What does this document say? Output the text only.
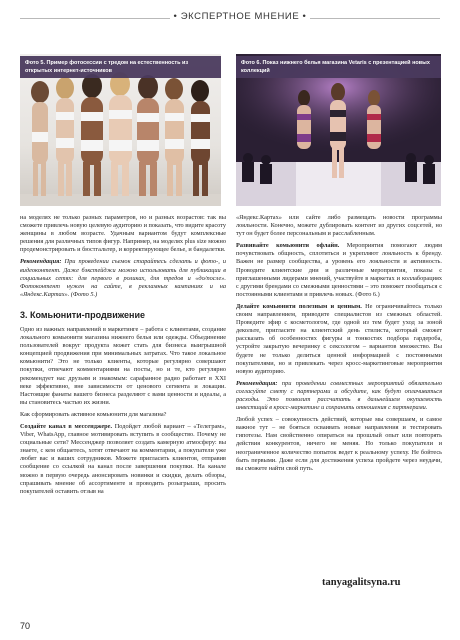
• ЭКСПЕРТНОЕ МНЕНИЕ •
Фото 5. Пример фотосессии с тредом на естественность из открытых интернет-источников
Фото 6. Показ нижнего белья магазина Vetaris с презентацией новых коллекций

на моделях не только разных параметров, но и разных возрастов: так вы сможете привлечь новую целевую аудиторию и показать, что видите красоту женщины в любом возрасте. Удачным вариантом будут комплексные решения для различных типов фигур. Например, на моделях plus size можно продемонстрировать и бюстгальтер, и корректирующее белье, и бандалетки.

Рекомендация: При проведении съемок старайтесь сделать и фото-, и видеоконтент. Даже бэкстейджи можно использовать для публикации в социальных сетях: для первого в роликах, для тредов и «до/после». Фотоконтент нужен на сайте, в рекламных кампаниях и на «Яндекс.Картах». (Фото 5.)

3. Комьюнити-продвижение

Одно из важных направлений в маркетинге – работа с клиентами, создание локального комьюнити магазина нижнего белья или одежды. Объединение пользователей вокруг продукта может стать для бизнеса выигрышной концепцией продвижения при минимальных затратах. Что такое локальное комьюнити? Это не только клиенты, которые регулярно совершают покупки, отвечают комментариями на посты, но и те, кто регулярно рекомендует нас друзьям и знакомым: сарафанное радио работает в XXI веке эффективно, вне зависимости от ценового сегмента и локации. Настоящие фанаты вашего бизнеса разделяют с вами ценности и идеалы, а вы становитесь частью их жизни.

Как сформировать активное комьюнити для магазина?

Создайте канал в мессенджере. Подойдет любой вариант – «Телеграм», Viber, WhatsApp, главное мотивировать вступить в сообщество. Почему не социальные сети? Мессенджер позволяет создать камерную атмосферу: вы знаете, с кем общаетесь, хотят отвечают на комментарии, а покупатели уже любят вас и ваших сотрудников. Можете пригласить клиентов, отправив сообщение со ссылкой на канал после завершения покупки. На канале можно в первую очередь анонсировать новинки и скидки, делать обзоры, спрашивать мнение об ассортименте и проводить розыгрыши, просить покупателей оставить отзыв на

«Яндекс.Картах» или сайте либо размещать новости программы лояльности. Конечно, можете дублировать контент из других соцсетей, но тут он будет более персональным и расслабленным.

Развивайте комьюнити офлайн. Мероприятия помогают людям почувствовать общность, сплотиться и укрепляют лояльность к бренду. Важен не размер сообщества, а уровень его лояльности и активность. Проводите клиентские дни и различные мероприятия, показы с приглашенными лидерами мнений, участвуйте в маркетах и коллаборациях с другими брендами со смежными ценностями – это поможет пообщаться с постоянными клиентами и привлечь новых. (Фото 6.)

Делайте комьюнити полезным и ценным. Не ограничивайтесь только своим направлением, приводите специалистов из смежных областей. Проведите эфир с косметологом, где одной из тем будет уход за зоной декольте, пригласите на клиентский день стилиста, который сможет рассказать об особенностях фигуры и тонкостях подбора гардероба, устройте закрытую вечеринку с сексологом – вариантов множество. Вы будете не только делиться ценной информацией с постоянными покупателями, но и привлекать через кросс-маркетинговые мероприятия новую аудиторию.

Рекомендация: при проведении совместных мероприятий обязательно согласуйте смету с партнерами и обсудите, как будут оплачиваться расходы. Это позволит рассчитать в дальнейшем окупаемость инвестиций в кросс-маркетинг и сохранить отношения с партнерами.

Любой успех – совокупность действий, которые мы совершаем, и самое важное тут – не бояться осваивать новые направления и тестировать гипотезы. Нам свойственно опираться на прошлый опыт или повторять действия конкурентов, ничего не меняя. Но только покупатели и неограниченное количество попыток ведет к реальному успеху. Не бойтесь быть первыми. Даже если для достижения успеха пройдете через неудачи, вы сможете найти свой путь.

tanyagalitsyna.ru
70
